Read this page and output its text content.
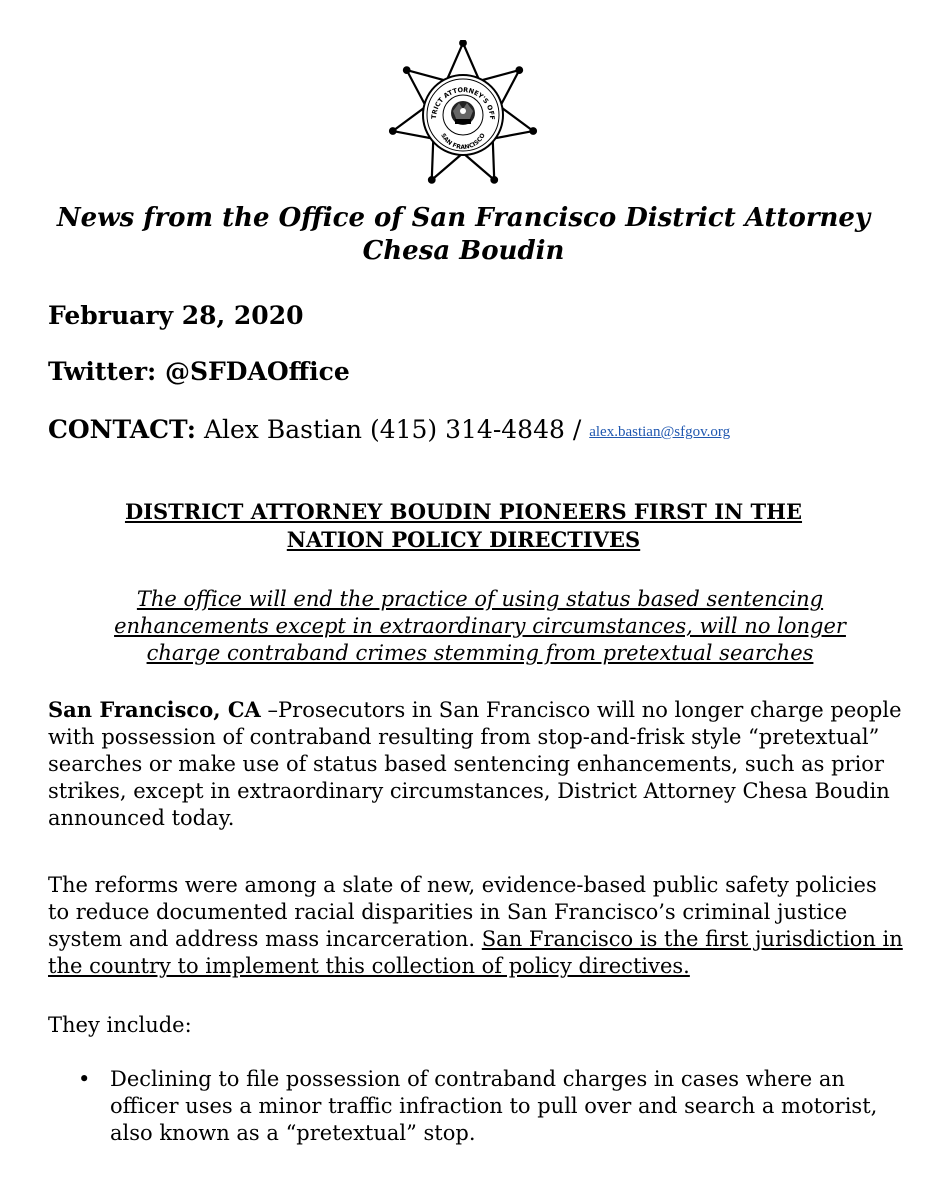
TRICT ATTORNEY'S OFF
SAN FRANCISCO
News from the Office of San Francisco District Attorney
Chesa Boudin
February 28, 2020
Twitter: @SFDAOffice
CONTACT: Alex Bastian (415) 314-4848 / alex.bastian@sfgov.org
DISTRICT ATTORNEY BOUDIN PIONEERS FIRST IN THE
NATION POLICY DIRECTIVES
The office will end the practice of using status based sentencing
enhancements except in extraordinary circumstances, will no longer
charge contraband crimes stemming from pretextual searches
San Francisco, CA –Prosecutors in San Francisco will no longer charge people with possession of contraband resulting from stop-and-frisk style “pretextual” searches or make use of status based sentencing enhancements, such as prior strikes, except in extraordinary circumstances, District Attorney Chesa Boudin announced today.
The reforms were among a slate of new, evidence-based public safety policies to reduce documented racial disparities in San Francisco’s criminal justice system and address mass incarceration. San Francisco is the first jurisdiction in the country to implement this collection of policy directives.
They include:
• Declining to file possession of contraband charges in cases where an officer uses a minor traffic infraction to pull over and search a motorist, also known as a “pretextual” stop.
